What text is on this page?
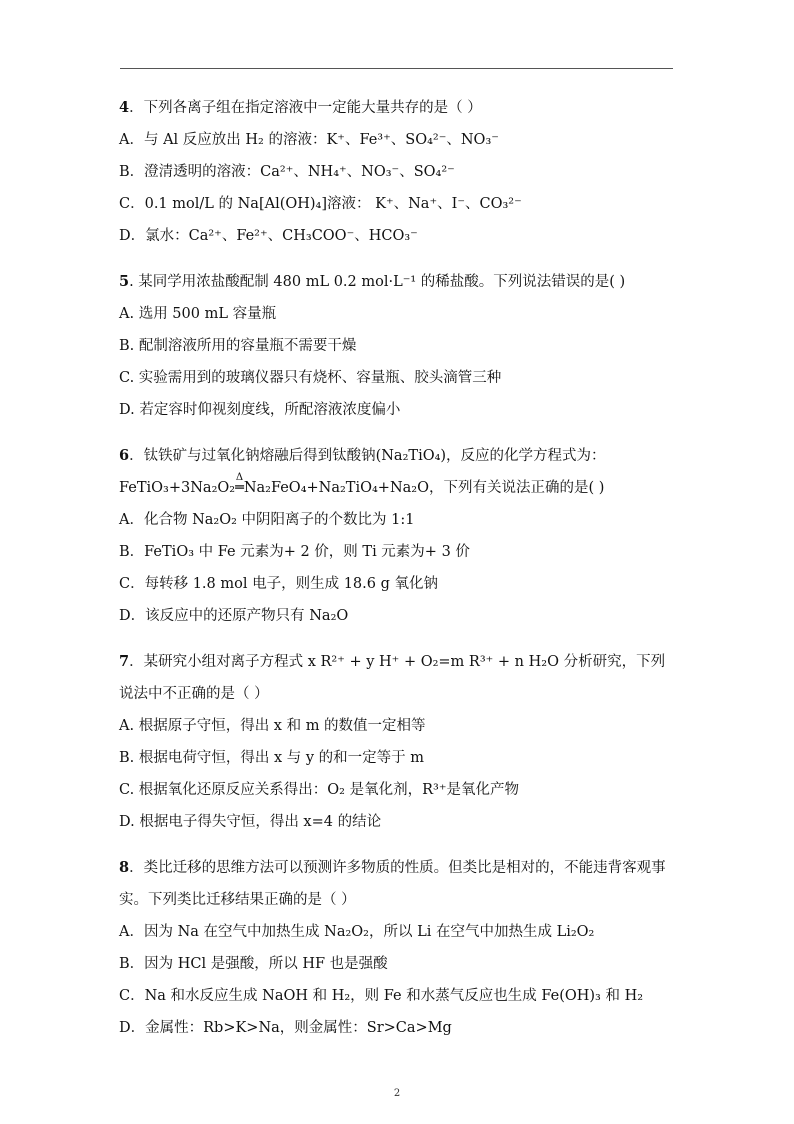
4．下列各离子组在指定溶液中一定能大量共存的是（ ）
A．与 Al 反应放出 H₂ 的溶液：K⁺、Fe³⁺、SO₄²⁻、NO₃⁻
B．澄清透明的溶液：Ca²⁺、NH₄⁺、NO₃⁻、SO₄²⁻
C．0.1 mol/L 的 Na[Al(OH)₄]溶液： K⁺、Na⁺、I⁻、CO₃²⁻
D．氯水：Ca²⁺、Fe²⁺、CH₃COO⁻、HCO₃⁻
5. 某同学用浓盐酸配制 480 mL 0.2 mol·L⁻¹ 的稀盐酸。下列说法错误的是( )
A. 选用 500 mL 容量瓶
B. 配制溶液所用的容量瓶不需要干燥
C. 实验需用到的玻璃仪器只有烧杯、容量瓶、胶头滴管三种
D. 若定容时仰视刻度线，所配溶液浓度偏小
6．钛铁矿与过氧化钠熔融后得到钛酸钠(Na₂TiO₄)，反应的化学方程式为：
FeTiO₃+3Na₂O₂
Δ
═Na₂FeO₄+Na₂TiO₄+Na₂O，下列有关说法正确的是( )
A．化合物 Na₂O₂ 中阴阳离子的个数比为 1:1
B．FeTiO₃ 中 Fe 元素为+ 2 价，则 Ti 元素为+ 3 价
C．每转移 1.8 mol 电子，则生成 18.6 g 氧化钠
D．该反应中的还原产物只有 Na₂O
7．某研究小组对离子方程式 x R²⁺ + y H⁺ + O₂=m R³⁺ + n H₂O 分析研究，下列说法中不正确的是（ ）
A. 根据原子守恒，得出 x 和 m 的数值一定相等
B. 根据电荷守恒，得出 x 与 y 的和一定等于 m
C. 根据氧化还原反应关系得出：O₂ 是氧化剂，R³⁺是氧化产物
D. 根据电子得失守恒，得出 x=4 的结论
8．类比迁移的思维方法可以预测许多物质的性质。但类比是相对的，不能违背客观事实。下列类比迁移结果正确的是（ ）
A．因为 Na 在空气中加热生成 Na₂O₂，所以 Li 在空气中加热生成 Li₂O₂
B．因为 HCl 是强酸，所以 HF 也是强酸
C．Na 和水反应生成 NaOH 和 H₂，则 Fe 和水蒸气反应也生成 Fe(OH)₃ 和 H₂
D．金属性：Rb>K>Na，则金属性：Sr>Ca>Mg
2
